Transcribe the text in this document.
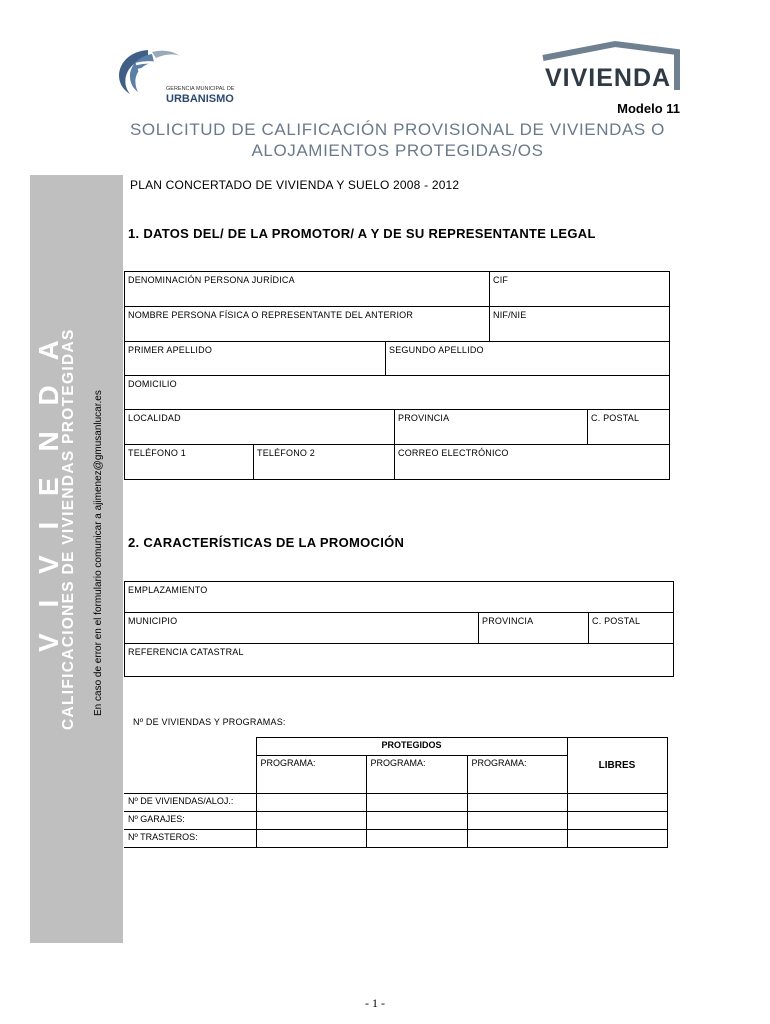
V I V I E N D A
CALIFICACIONES DE VIVIENDAS PROTEGIDAS En caso de error en el formulario comunicar a ajimenez@gmusanlucar.es
GERENCIA MUNICIPAL DE
URBANISMO
VIVIENDA
Modelo 11
SOLICITUD DE CALIFICACIÓN PROVISIONAL DE VIVIENDAS O
ALOJAMIENTOS PROTEGIDAS/OS
PLAN CONCERTADO DE VIVIENDA Y SUELO 2008 - 2012
1. DATOS DEL/ DE LA PROMOTOR/ A Y DE SU REPRESENTANTE LEGAL
DENOMINACIÓN PERSONA JURÍDICA	CIF
NOMBRE PERSONA FÍSICA O REPRESENTANTE DEL ANTERIOR	NIF/NIE
PRIMER APELLIDO	SEGUNDO APELLIDO
DOMICILIO
LOCALIDAD	PROVINCIA	C. POSTAL
TELÉFONO 1	TELÉFONO 2	CORREO ELECTRÓNICO
2. CARACTERÍSTICAS DE LA PROMOCIÓN
EMPLAZAMIENTO
MUNICIPIO	PROVINCIA	C. POSTAL
REFERENCIA CATASTRAL
Nº DE VIVIENDAS Y PROGRAMAS:
	PROTEGIDOS			LIBRES
	PROGRAMA:	PROGRAMA:	PROGRAMA:	
Nº DE VIVIENDAS/ALOJ.:				
Nº GARAJES:				
Nº TRASTEROS:				
- 1 -
